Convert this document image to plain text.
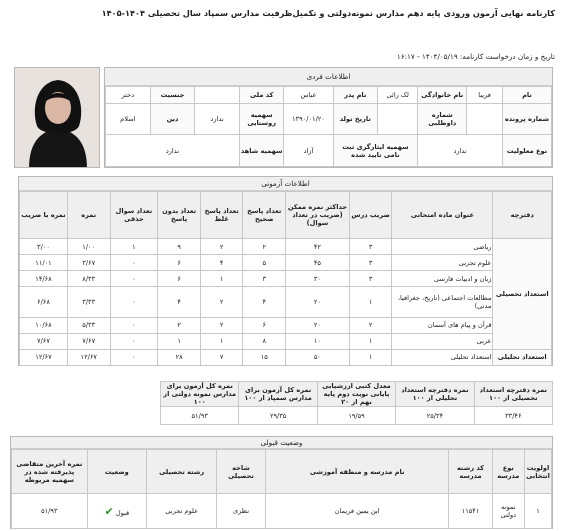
کارنامه نهایی آزمون ورودی پایه دهم مدارس نمونه‌دولتی و تکمیل‌ظرفیت مدارس سمپاد سال تحصیلی ۱۴۰۴-۱۴۰۵
تاریخ و زمان درخواست کارنامه: ۱۴۰۴/۰۵/۱۹ - ۱۶:۱۷
اطلاعات فردی
نام	فریبا	نام خانوادگی	لک زائی	نام پدر	عباس	کد ملی		جنسیت	دختر
شماره پرونده		شماره داوطلبی		تاریخ تولد	۱۳۹۰/۰۱/۲۰	سهمیه روستایی	ندارد	دین	اسلام
نوع معلولیت	ندارد		سهمیه ایثارگری ثبت نامی تایید شده		آزاد	سهمیه شاهد	ندارد		
اطلاعات آزمونی
دفترچه	عنوان ماده امتحانی	ضریب درس	حداکثر نمره ممکن (ضریب در تعداد سوال)	تعداد پاسخ صحیح	تعداد پاسخ غلط	تعداد بدون پاسخ	تعداد سوال حذفی	نمره	نمره با ضریب
استعداد تحصیلی	ریاضی	۳	۴۲	۲	۲	۹	۱	۱/۰۰	۳/۰۰
	علوم تجربی	۳	۴۵	۵	۴	۶	۰	۳/۶۷	۱۱/۰۱
	زبان و ادبیات فارسی	۳	۳۰	۳	۱	۶	۰	۸/۳۳	۱۴/۶۸
	مطالعات اجتماعی (تاریخ، جغرافیا، مدنی)	۱	۲۰	۴	۲	۴	۰	۳/۳۳	۶/۶۸
	قرآن و پیام های آسمان	۲	۲۰	۶	۲	۲	۰	۵/۳۳	۱۰/۶۸
	عربی	۱	۱۰	۸	۱	۱	۰	۷/۶۷	۷/۶۷
استعداد تحلیلی	استعداد تحلیلی	۱	۵۰	۱۵	۷	۲۸	۰	۱۲/۶۷	۱۲/۶۷
نمره دفترچه استعداد تحصیلی از ۱۰۰	نمره دفترچه استعداد تحلیلی از ۱۰۰	معدل کتبی ارزشیابی پایانی نوبت دوم پایه نهم از ۲۰	نمره کل آزمون برای مدارس سمپاد از ۱۰۰	نمره کل آزمون برای مدارس نمونه دولتی از ۱۰۰
۳۳/۴۶	۲۵/۳۴	۱۹/۵۹	۲۹/۳۵	۵۱/۹۳
وضعیت قبولی
اولویت انتخابی	نوع مدرسه	کد رشته مدرسه	نام مدرسه و منطقه آموزشی	شاخه تحصیلی	رشته تحصیلی	وضعیت	نمره آخرین متقاضی پذیرفته شده در سهمیه مربوطه
۱	نمونه دولتی	۱۱۵۴۱	ابن یمین فریمان	نظری	علوم تجربی	قبول ✔	۵۱/۹۳
